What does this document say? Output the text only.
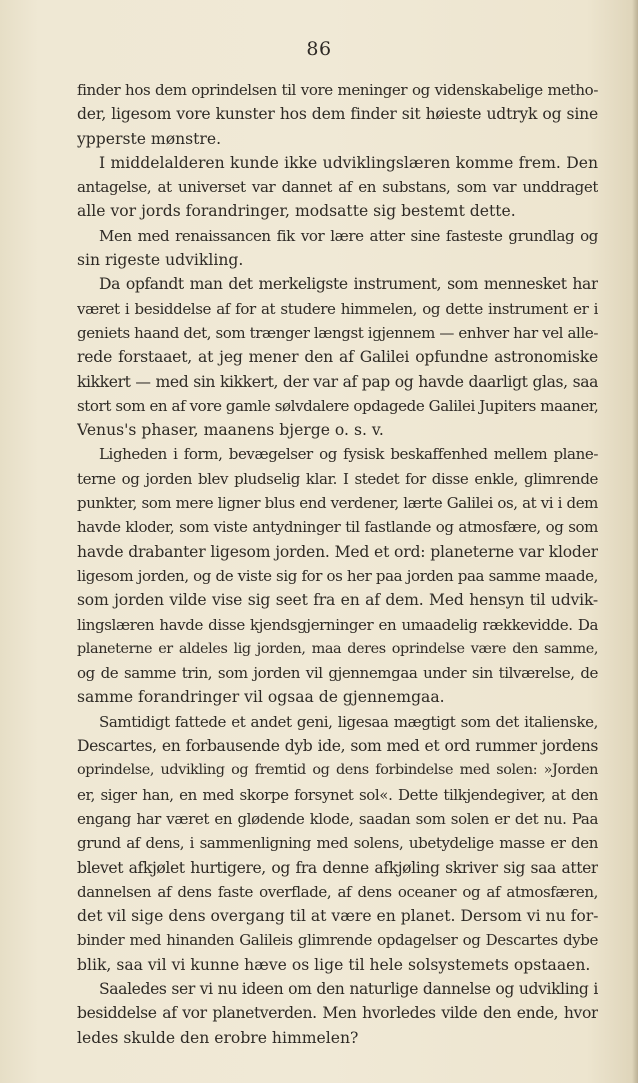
86
finder hos dem oprindelsen til vore meninger og videnskabelige metho-
der, ligesom vore kunster hos dem finder sit høieste udtryk og sine
ypperste mønstre.
I middelalderen kunde ikke udviklingslæren komme frem. Den
antagelse, at universet var dannet af en substans, som var unddraget
alle vor jords forandringer, modsatte sig bestemt dette.
Men med renaissancen fik vor lære atter sine fasteste grundlag og
sin rigeste udvikling.
Da opfandt man det merkeligste instrument, som mennesket har
været i besiddelse af for at studere himmelen, og dette instrument er i
geniets haand det, som trænger længst igjennem — enhver har vel alle-
rede forstaaet, at jeg mener den af Galilei opfundne astronomiske
kikkert — med sin kikkert, der var af pap og havde daarligt glas, saa
stort som en af vore gamle sølvdalere opdagede Galilei Jupiters maaner,
Venus's phaser, maanens bjerge o. s. v.
Ligheden i form, bevægelser og fysisk beskaffenhed mellem plane-
terne og jorden blev pludselig klar. I stedet for disse enkle, glimrende
punkter, som mere ligner blus end verdener, lærte Galilei os, at vi i dem
havde kloder, som viste antydninger til fastlande og atmosfære, og som
havde drabanter ligesom jorden. Med et ord: planeterne var kloder
ligesom jorden, og de viste sig for os her paa jorden paa samme maade,
som jorden vilde vise sig seet fra en af dem. Med hensyn til udvik-
lingslæren havde disse kjendsgjerninger en umaadelig rækkevidde. Da
planeterne er aldeles lig jorden, maa deres oprindelse være den samme,
og de samme trin, som jorden vil gjennemgaa under sin tilværelse, de
samme forandringer vil ogsaa de gjennemgaa.
Samtidigt fattede et andet geni, ligesaa mægtigt som det italienske,
Descartes, en forbausende dyb ide, som med et ord rummer jordens
oprindelse, udvikling og fremtid og dens forbindelse med solen: »Jorden
er, siger han, en med skorpe forsynet sol«. Dette tilkjendegiver, at den
engang har været en glødende klode, saadan som solen er det nu. Paa
grund af dens, i sammenligning med solens, ubetydelige masse er den
blevet afkjølet hurtigere, og fra denne afkjøling skriver sig saa atter
dannelsen af dens faste overflade, af dens oceaner og af atmosfæren,
det vil sige dens overgang til at være en planet. Dersom vi nu for-
binder med hinanden Galileis glimrende opdagelser og Descartes dybe
blik, saa vil vi kunne hæve os lige til hele solsystemets opstaaen.
Saaledes ser vi nu ideen om den naturlige dannelse og udvikling i
besiddelse af vor planetverden. Men hvorledes vilde den ende, hvor
ledes skulde den erobre himmelen?
